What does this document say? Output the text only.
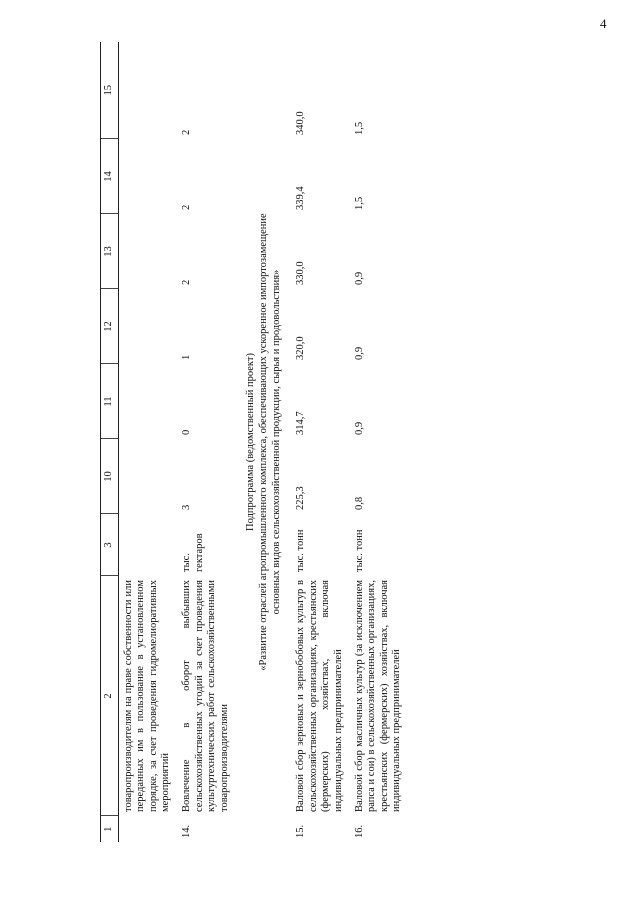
4
1	2	3	10	11	12	13	14	15
	товаропроизводителям на праве собственности или переданных им в пользование в установленном порядке, за счет проведения гидромелиоративных мероприятий							
14.	Вовлечение в оборот выбывших сельскохозяйственных угодий за счет проведения культуртехнических работ сельскохозяйственными товаропроизводителями	тыс. гектаров	3	0	1	2	2	2

Подпрограмма (ведомственный проект) «Развитие отраслей агропромышленного комплекса, обеспечивающих ускоренное импортозамещение основных видов сельскохозяйственной продукции, сырья и продовольствия»								

15.	Валовой сбор зерновых и зернобобовых культур в сельскохозяйственных организациях, крестьянских (фермерских) хозяйствах, включая индивидуальных предпринимателей	тыс. тонн	225,3	314,7	320,0	330,0	339,4	340,0
16.	Валовой сбор масличных культур (за исключением рапса и сои) в сельскохозяйственных организациях, крестьянских (фермерских) хозяйствах, включая индивидуальных предпринимателей	тыс. тонн	0,8	0,9	0,9	0,9	1,5	1,5
